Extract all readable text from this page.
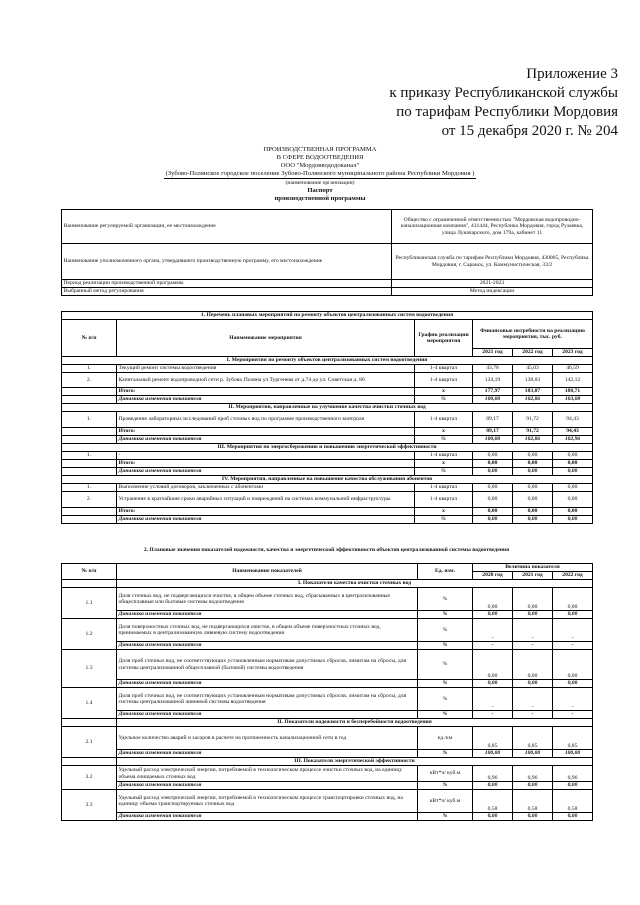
Приложение 3
к приказу Республиканской службы
по тарифам Республики Мордовия
от 15 декабря 2020 г. № 204
ПРОИЗВОДСТВЕННАЯ ПРОГРАММА
В СФЕРЕ ВОДООТВЕДЕНИЯ
ООО "Мордоввододоканал"
(Зубово-Полянское городское поселение Зубово-Полянского муниципального района Республики Мордовия )
(наименование организации)
Паспорт
производственной программы
Наименование регулируемой организации, ее местонахождение	Общество с ограниченной ответственностью "Мордовская водопроводно-канализационная компания", 431444, Республика Мордовия, город Рузаевка, улица Луначарского, дом 179а, кабинет 11
Наименование уполномоченного органа, утвердившего производственную программу, его местонахождение	Республиканская служба по тарифам Республики Мордовия, 430005, Республика Мордовия, г. Саранск, ул. Коммунистическая, 33/2
Период реализации производственной программы	2021-2023
Выбранный метод регулирования	Метод индексации
1. Перечень плановых мероприятий по ремонту объектов централизованных систем водоотведения					
№ п/п	Наименование мероприятия	График реализации мероприятия	Финансовые потребности на реализацию мероприятия, тыс. руб.		
			2021 год	2022 год	2023 год
I. Мероприятия по ремонту объектов централизованных систем водоотведения					
1.	Текущий ремонт системы водоотведения	1-4 квартал	43,78	45,03	46,59
2.	Капитальный ремонт водопроводной сети р. Зубово Поляна ул Тургенева от д.74 до ул. Советская д. 80	1-4 квартал	134,19	138,03	142,12
	Итого:	х	177,97	183,07	188,71
	Динамика изменения показателя	%	100,00	102,86	103,08
II. Мероприятия, направленные на улучшение качества очистки сточных вод					
1.	Проведение лабораторных исследований проб сточных вод по программе производственного контроля	1-4 квартал	89,17	91,72	94,43
	Итого:	х	89,17	91,72	94,43
	Динамика изменения показателя	%	100,00	102,86	102,96
III. Мероприятия по энергосбережению и повышению энергетической эффективности					
1.	-	1-4 квартал	0,00	0,00	0,00
	Итого:	х	0,00	0,00	0,00
	Динамика изменения показателя	%	0,00	0,00	0,00
IV. Мероприятия, направленные на повышение качества обслуживания абонентов					
1.	Выполнение условий договоров, заключенных с абонентами	1-4 квартал	0,00	0,00	0,00
2.	Устранение в кратчайшие сроки аварийных ситуаций и повреждений на системах коммунальной инфраструктуры	1-4 квартал	0,00	0,00	0,00
	Итого:	х	0,00	0,00	0,00
	Динамика изменения показателя	%	0,00	0,00	0,00
2. Плановые значения показателей надежности, качества и энергетической эффективности объектов централизованной системы водоотведения
№ п/п	Наименование показателей	Ед. изм.	Величина показателя		
			2020 год	2021 год	2022 год
	I. Показатели качества очистки сточных вод				
1.1	Доля сточных вод, не подвергающихся очистке, в общем объеме сточных вод, сбрасываемых в централизованные общесплавные или бытовые системы водоотведения	%	0,00	0,00	0,00
	Динамика изменения показателя	%	0,00	0,00	0,00
1.2	Доля поверхностных сточных вод, не подвергающихся очистке, в общем объеме поверхностных сточных вод, принимаемых в централизованную ливневую систему водоотведения	%	-	-	-
	Динамика изменения показателя	%	-	-	-
1.3	Доля проб сточных вод, не соответствующих установленным нормативам допустимых сбросов, лимитам на сбросы, для системы централизованной общесплавной (бытовой) системы водоотведения	%	0,00	0,00	0,00
	Динамика изменения показателя	%	0,00	0,00	0,00
1.4	Доля проб сточных вод, не соответствующих установленным нормативам допустимых сбросов, лимитам на сбросы, для системы централизованной ливневой системы водоотведения	%	-	-	-
	Динамика изменения показателя	%	-	-	-
	II. Показатели надежности и бесперебойности водоотведения				
2.1	Удельное количество аварий и засоров в расчете на протяженность канализационной сети в год	ед./км	0,85	0,85	0,85
	Динамика изменения показателя	%	100,00	100,00	100,00
	III. Показатели энергетической эффективности				
3.2	Удельный расход электрической энергии, потребляемой в технологическом процессе очистки сточных вод, на единицу объема очищаемых сточных вод	кВт*ч/ куб.м	0,96	0,96	0,96
	Динамика изменения показателя	%	0,00	0,00	0,00
3.3	Удельный расход электрической энергии, потребляемой в технологическом процессе транспортировки сточных вод, на единицу объема транспортируемых сточных вод	кВт*ч/ куб.м	0,58	0,58	0,58
	Динамика изменения показателя	%	0,00	0,00	0,00
